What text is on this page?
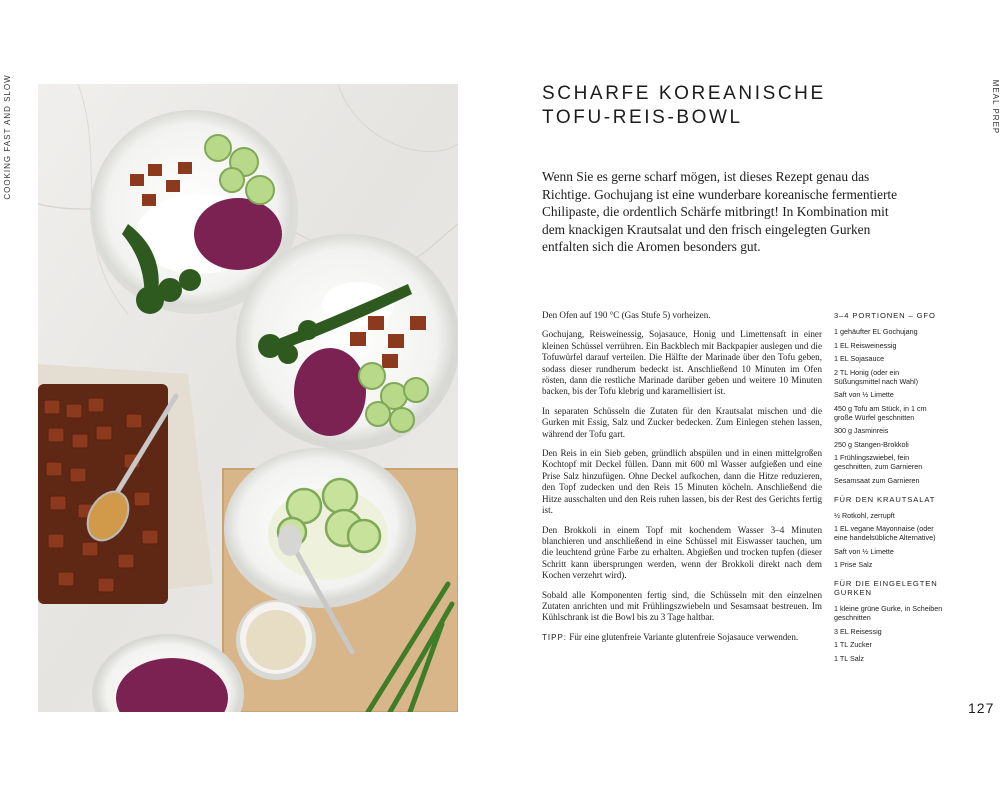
COOKING FAST AND SLOW	MEAL PREP
SCHARFE KOREANISCHE
TOFU-REIS-BOWL

Wenn Sie es gerne scharf mögen, ist dieses Rezept genau das Richtige. Gochujang ist eine wunderbare koreanische fermentierte Chilipaste, die ordentlich Schärfe mitbringt! In Kombination mit dem knackigen Krautsalat und den frisch eingelegten Gurken entfalten sich die Aromen besonders gut.

Den Ofen auf 190 °C (Gas Stufe 5) vorheizen.

Gochujang, Reisweinessig, Sojasauce, Honig und Limettensaft in einer kleinen Schüssel verrühren. Ein Backblech mit Backpapier auslegen und die Tofuwürfel darauf verteilen. Die Hälfte der Marinade über den Tofu geben, sodass dieser rundherum bedeckt ist. Anschließend 10 Minuten im Ofen rösten, dann die restliche Marinade darüber geben und weitere 10 Minuten backen, bis der Tofu klebrig und karamellisiert ist.

In separaten Schüsseln die Zutaten für den Krautsalat mischen und die Gurken mit Essig, Salz und Zucker bedecken. Zum Einlegen stehen lassen, während der Tofu gart.

Den Reis in ein Sieb geben, gründlich abspülen und in einen mittelgroßen Kochtopf mit Deckel füllen. Dann mit 600 ml Wasser aufgießen und eine Prise Salz hinzufügen. Ohne Deckel aufkochen, dann die Hitze reduzieren, den Topf zudecken und den Reis 15 Minuten köcheln. Anschließend die Hitze ausschalten und den Reis ruhen lassen, bis der Rest des Gerichts fertig ist.

Den Brokkoli in einem Topf mit kochendem Wasser 3–4 Minuten blanchieren und anschließend in eine Schüssel mit Eiswasser tauchen, um die leuchtend grüne Farbe zu erhalten. Abgießen und trocken tupfen (dieser Schritt kann übersprungen werden, wenn der Brokkoli direkt nach dem Kochen verzehrt wird).

Sobald alle Komponenten fertig sind, die Schüsseln mit den einzelnen Zutaten anrichten und mit Frühlingszwiebeln und Sesamsaat bestreuen. Im Kühlschrank ist die Bowl bis zu 3 Tage haltbar.

TIPP: Für eine glutenfreie Variante glutenfreie Sojasauce verwenden.

3–4 PORTIONEN – GFO
1 gehäufter EL Gochujang
1 EL Reisweinessig
1 EL Sojasauce
2 TL Honig (oder ein Süßungsmittel nach Wahl)
Saft von ½ Limette
450 g Tofu am Stück, in 1 cm große Würfel geschnitten
300 g Jasminreis
250 g Stangen-Brokkoli
1 Frühlingszwiebel, fein geschnitten, zum Garnieren
Sesamsaat zum Garnieren
FÜR DEN KRAUTSALAT
½ Rotkohl, zerrupft
1 EL vegane Mayonnaise (oder eine handelsübliche Alternative)
Saft von ½ Limette
1 Prise Salz
FÜR DIE EINGELEGTEN GURKEN
1 kleine grüne Gurke, in Scheiben geschnitten
3 EL Reisessig
1 TL Zucker
1 TL Salz
127
